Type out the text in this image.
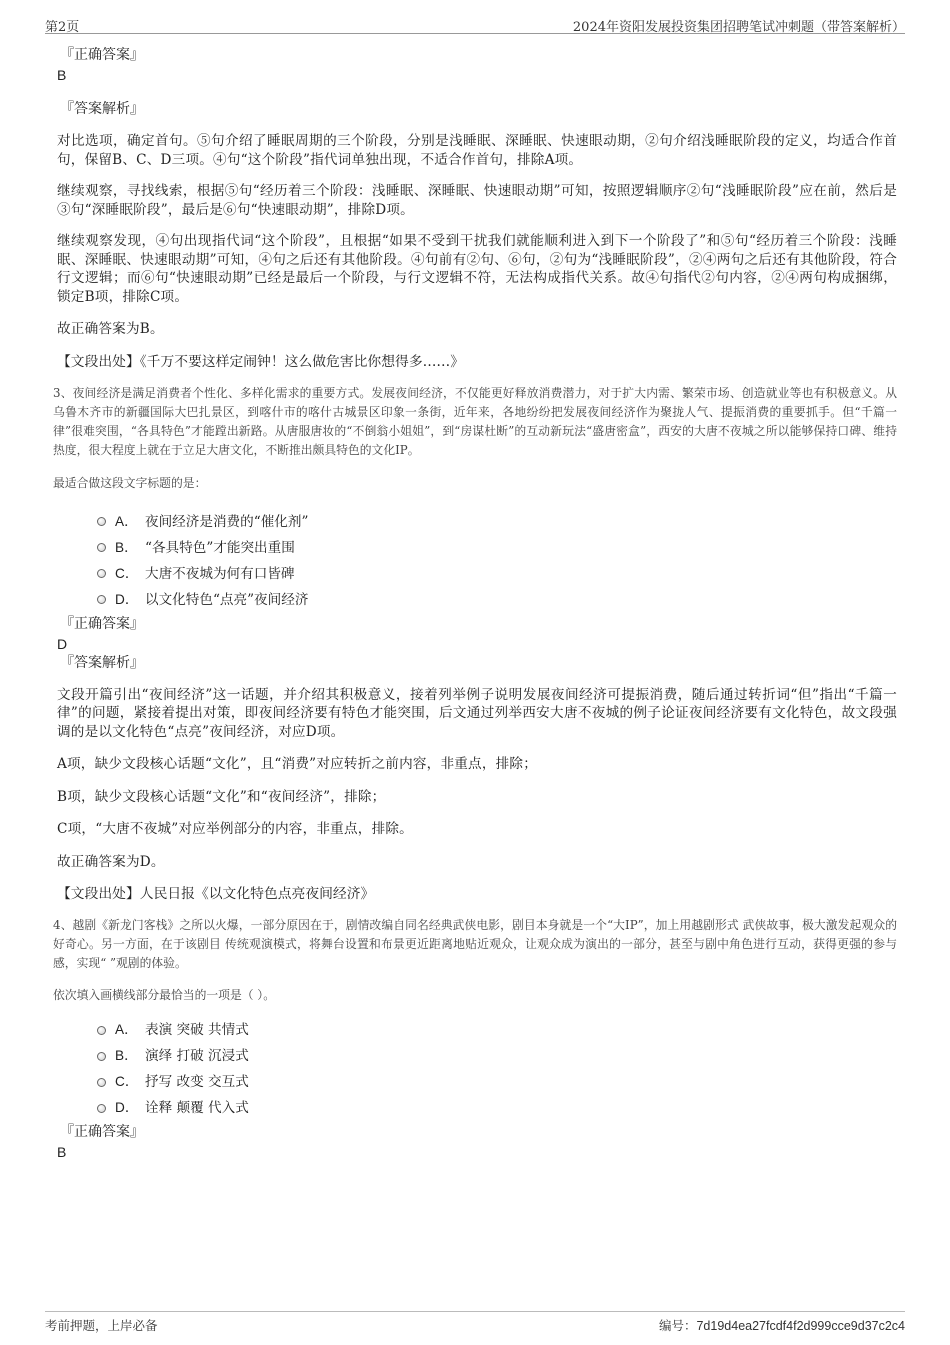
第2页	2024年资阳发展投资集团招聘笔试冲刺题（带答案解析）
『正确答案』
B
『答案解析』
对比选项，确定首句。⑤句介绍了睡眠周期的三个阶段，分别是浅睡眠、深睡眠、快速眼动期，②句介绍浅睡眠阶段的定义，均适合作首句，保留B、C、D三项。④句“这个阶段”指代词单独出现，不适合作首句，排除A项。
继续观察，寻找线索，根据⑤句“经历着三个阶段：浅睡眠、深睡眠、快速眼动期”可知，按照逻辑顺序②句“浅睡眠阶段”应在前，然后是③句“深睡眠阶段”，最后是⑥句“快速眼动期”，排除D项。
继续观察发现，④句出现指代词“这个阶段”，且根据“如果不受到干扰我们就能顺利进入到下一个阶段了”和⑤句“经历着三个阶段：浅睡眠、深睡眠、快速眼动期”可知，④句之后还有其他阶段。④句前有②句、⑥句，②句为“浅睡眠阶段”，②④两句之后还有其他阶段，符合行文逻辑；而⑥句“快速眼动期”已经是最后一个阶段，与行文逻辑不符，无法构成指代关系。故④句指代②句内容，②④两句构成捆绑，锁定B项，排除C项。
故正确答案为B。
【文段出处】《千万不要这样定闹钟！这么做危害比你想得多……》
3、夜间经济是满足消费者个性化、多样化需求的重要方式。发展夜间经济，不仅能更好释放消费潜力，对于扩大内需、繁荣市场、创造就业等也有积极意义。从乌鲁木齐市的新疆国际大巴扎景区，到喀什市的喀什古城景区印象一条街，近年来，各地纷纷把发展夜间经济作为聚拢人气、提振消费的重要抓手。但“千篇一律”很难突围，“各具特色”才能蹚出新路。从唐服唐妆的“不倒翁小姐姐”，到“房谋杜断”的互动新玩法“盛唐密盒”，西安的大唐不夜城之所以能够保持口碑、维持热度，很大程度上就在于立足大唐文化，不断推出颇具特色的文化IP。
最适合做这段文字标题的是：
A． 夜间经济是消费的“催化剂”
B． “各具特色”才能突出重围
C． 大唐不夜城为何有口皆碑
D． 以文化特色“点亮”夜间经济
『正确答案』
D
『答案解析』
文段开篇引出“夜间经济”这一话题，并介绍其积极意义，接着列举例子说明发展夜间经济可提振消费，随后通过转折词“但”指出“千篇一律”的问题，紧接着提出对策，即夜间经济要有特色才能突围，后文通过列举西安大唐不夜城的例子论证夜间经济要有文化特色，故文段强调的是以文化特色“点亮”夜间经济，对应D项。
A项，缺少文段核心话题“文化”，且“消费”对应转折之前内容，非重点，排除；
B项，缺少文段核心话题“文化”和“夜间经济”，排除；
C项，“大唐不夜城”对应举例部分的内容，非重点，排除。
故正确答案为D。
【文段出处】人民日报《以文化特色点亮夜间经济》
4、越剧《新龙门客栈》之所以火爆，一部分原因在于，剧情改编自同名经典武侠电影，剧目本身就是一个“大IP”，加上用越剧形式 武侠故事，极大激发起观众的好奇心。另一方面，在于该剧目 传统观演模式，将舞台设置和布景更近距离地贴近观众，让观众成为演出的一部分，甚至与剧中角色进行互动，获得更强的参与感，实现“ ”观剧的体验。
依次填入画横线部分最恰当的一项是（ ）。
A． 表演 突破 共情式
B． 演绎 打破 沉浸式
C． 抒写 改变 交互式
D． 诠释 颠覆 代入式
『正确答案』
B
考前押题，上岸必备	编号：7d19d4ea27fcdf4f2d999cce9d37c2c4
